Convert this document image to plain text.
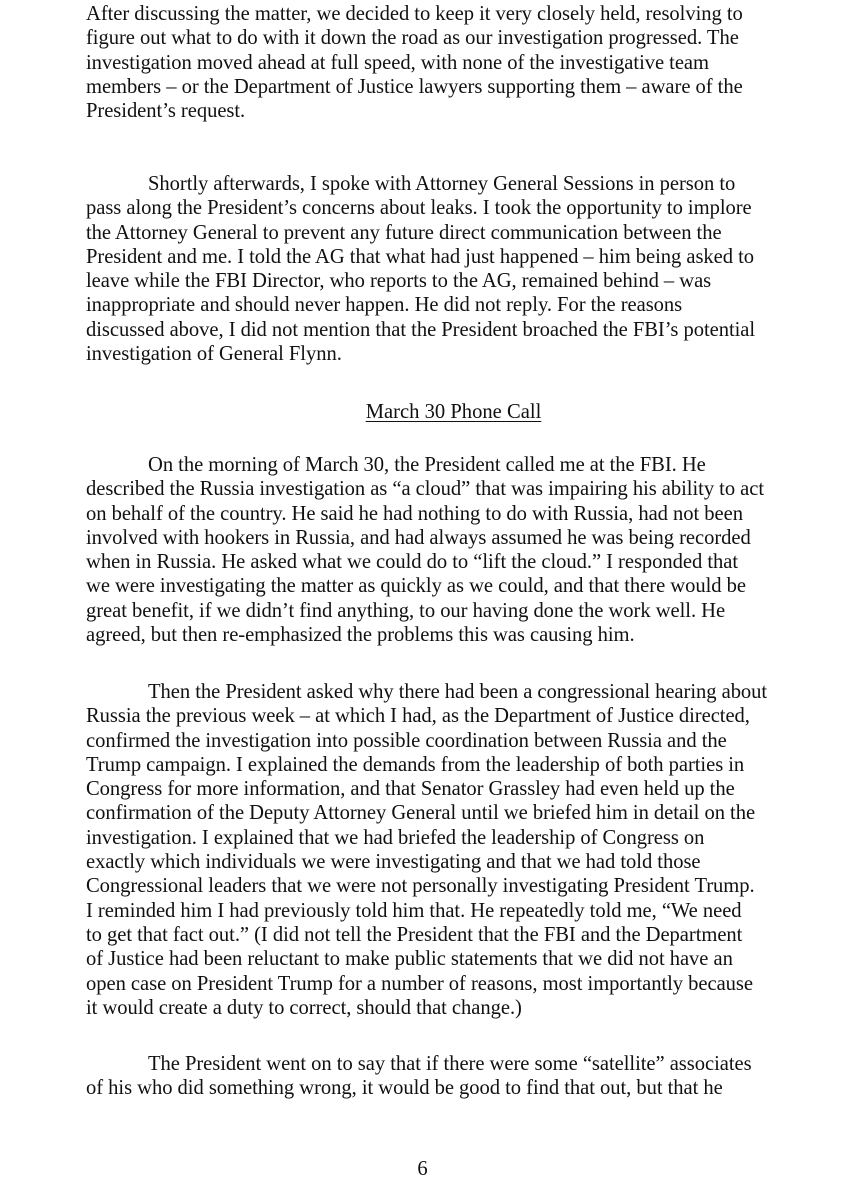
After discussing the matter, we decided to keep it very closely held, resolving to
figure out what to do with it down the road as our investigation progressed. The
investigation moved ahead at full speed, with none of the investigative team
members – or the Department of Justice lawyers supporting them – aware of the
President’s request.
Shortly afterwards, I spoke with Attorney General Sessions in person to
pass along the President’s concerns about leaks. I took the opportunity to implore
the Attorney General to prevent any future direct communication between the
President and me. I told the AG that what had just happened – him being asked to
leave while the FBI Director, who reports to the AG, remained behind – was
inappropriate and should never happen. He did not reply. For the reasons
discussed above, I did not mention that the President broached the FBI’s potential
investigation of General Flynn.
March 30 Phone Call
On the morning of March 30, the President called me at the FBI. He
described the Russia investigation as “a cloud” that was impairing his ability to act
on behalf of the country. He said he had nothing to do with Russia, had not been
involved with hookers in Russia, and had always assumed he was being recorded
when in Russia. He asked what we could do to “lift the cloud.” I responded that
we were investigating the matter as quickly as we could, and that there would be
great benefit, if we didn’t find anything, to our having done the work well. He
agreed, but then re-emphasized the problems this was causing him.
Then the President asked why there had been a congressional hearing about
Russia the previous week – at which I had, as the Department of Justice directed,
confirmed the investigation into possible coordination between Russia and the
Trump campaign. I explained the demands from the leadership of both parties in
Congress for more information, and that Senator Grassley had even held up the
confirmation of the Deputy Attorney General until we briefed him in detail on the
investigation. I explained that we had briefed the leadership of Congress on
exactly which individuals we were investigating and that we had told those
Congressional leaders that we were not personally investigating President Trump.
I reminded him I had previously told him that. He repeatedly told me, “We need
to get that fact out.” (I did not tell the President that the FBI and the Department
of Justice had been reluctant to make public statements that we did not have an
open case on President Trump for a number of reasons, most importantly because
it would create a duty to correct, should that change.)
The President went on to say that if there were some “satellite” associates
of his who did something wrong, it would be good to find that out, but that he
6
